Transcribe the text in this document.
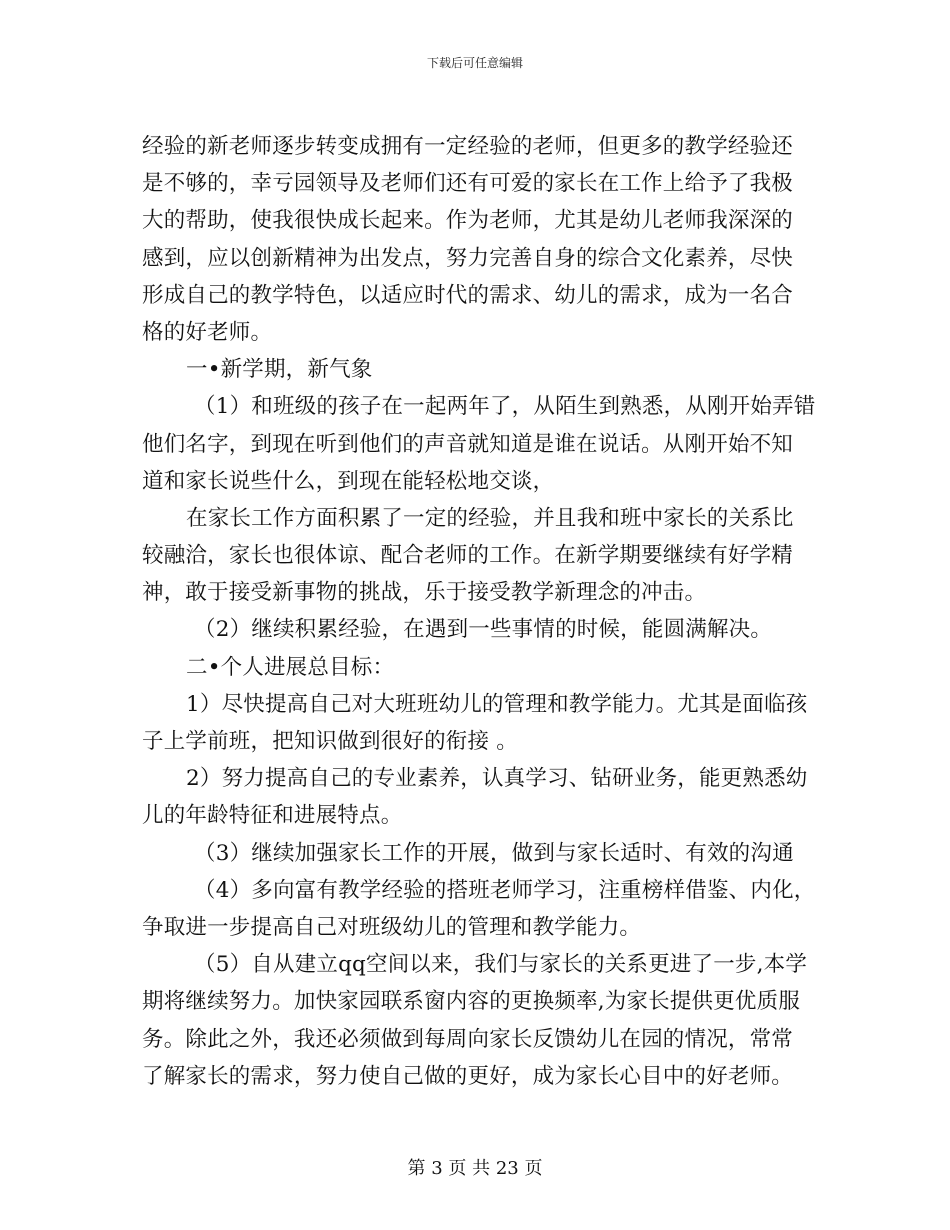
下载后可任意编辑
经验的新老师逐步转变成拥有一定经验的老师，但更多的教学经验还
是不够的，幸亏园领导及老师们还有可爱的家长在工作上给予了我极
大的帮助，使我很快成长起来。作为老师，尤其是幼儿老师我深深的
感到，应以创新精神为出发点，努力完善自身的综合文化素养，尽快
形成自己的教学特色，以适应时代的需求、幼儿的需求，成为一名合
格的好老师。
一•新学期，新气象
（1）和班级的孩子在一起两年了，从陌生到熟悉，从刚开始弄错
他们名字，到现在听到他们的声音就知道是谁在说话。从刚开始不知
道和家长说些什么，到现在能轻松地交谈，
在家长工作方面积累了一定的经验，并且我和班中家长的关系比
较融洽，家长也很体谅、配合老师的工作。在新学期要继续有好学精
神，敢于接受新事物的挑战，乐于接受教学新理念的冲击。
（2）继续积累经验，在遇到一些事情的时候，能圆满解决。
二•个人进展总目标：
1）尽快提高自己对大班班幼儿的管理和教学能力。尤其是面临孩
子上学前班，把知识做到很好的衔接 。
2）努力提高自己的专业素养，认真学习、钻研业务，能更熟悉幼
儿的年龄特征和进展特点。
（3）继续加强家长工作的开展，做到与家长适时、有效的沟通
（4）多向富有教学经验的搭班老师学习，注重榜样借鉴、内化，
争取进一步提高自己对班级幼儿的管理和教学能力。
（5）自从建立qq空间以来，我们与家长的关系更进了一步,本学
期将继续努力。加快家园联系窗内容的更换频率,为家长提供更优质服
务。除此之外，我还必须做到每周向家长反馈幼儿在园的情况，常常
了解家长的需求，努力使自己做的更好，成为家长心目中的好老师。
第 3 页 共 23 页
